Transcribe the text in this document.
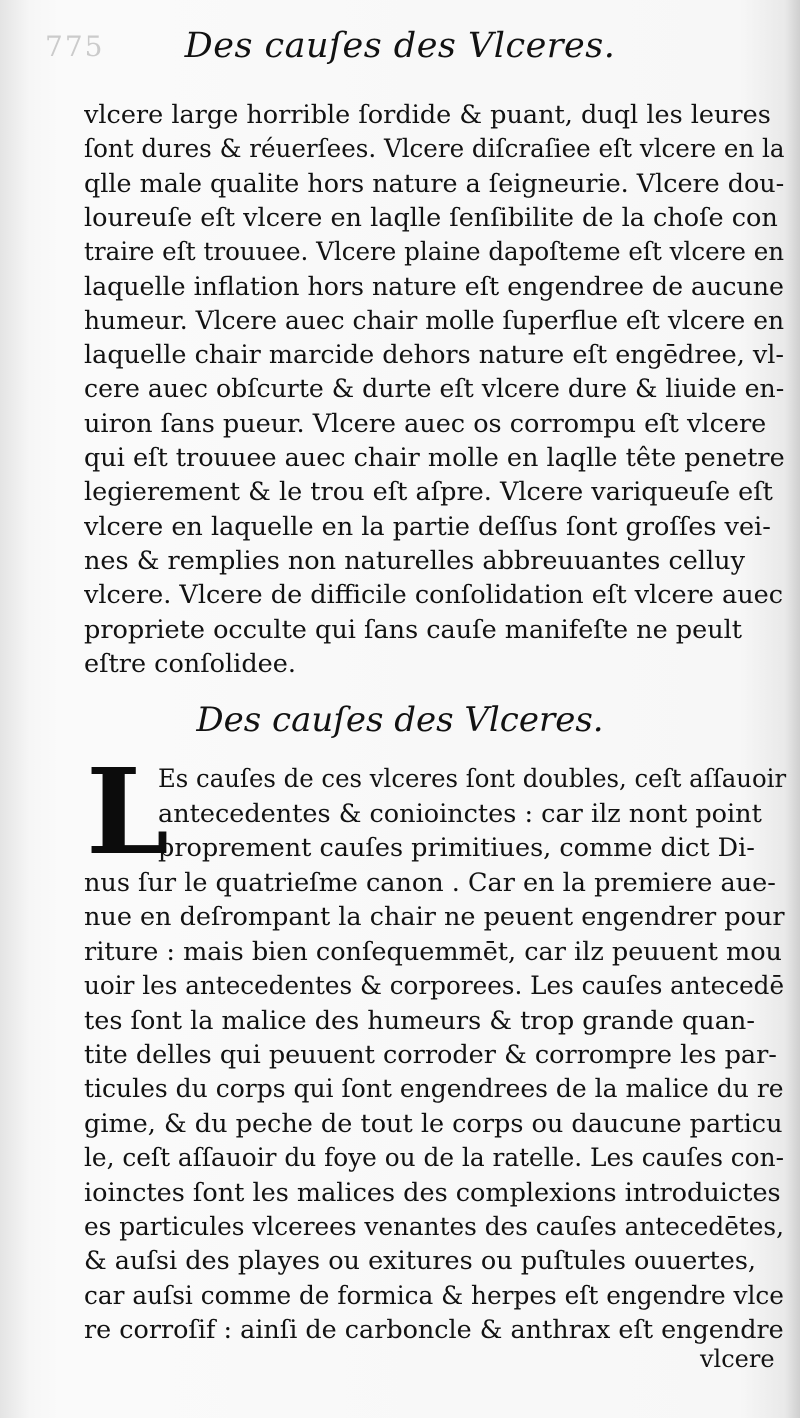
775	Des cauſes des Vlceres.
vlcere large horrible ſordide & puant, duql les leures
ſont dures & réuerſees. Vlcere diſcraſiee eſt vlcere en la
qlle male qualite hors nature a ſeigneurie. Vlcere dou-
loureuſe eſt vlcere en laqlle ſenſibilite de la choſe con
traire eſt trouuee. Vlcere plaine dapoſteme eſt vlcere en
laquelle inflation hors nature eſt engendree de aucune
humeur. Vlcere auec chair molle ſuperflue eſt vlcere en
laquelle chair marcide dehors nature eſt engēdree, vl-
cere auec obſcurte & durte eſt vlcere dure & liuide en-
uiron ſans pueur. Vlcere auec os corrompu eſt vlcere
qui eſt trouuee auec chair molle en laqlle tête penetre
legierement & le trou eſt aſpre. Vlcere variqueuſe eſt
vlcere en laquelle en la partie deſſus ſont groſſes vei-
nes & remplies non naturelles abbreuuantes celluy
vlcere. Vlcere de difficile conſolidation eſt vlcere auec
propriete occulte qui ſans cauſe manifeſte ne peult
eſtre conſolidee.
Es cauſes de ces vlceres ſont doubles, ceſt aſſauoir
antecedentes & conioinctes : car ilz nont point
proprement cauſes primitiues, comme dict Di-
nus ſur le quatrieſme canon . Car en la premiere aue-
nue en deſrompant la chair ne peuent engendrer pour
riture : mais bien conſequemmēt, car ilz peuuent mou
uoir les antecedentes & corporees. Les cauſes antecedē
tes ſont la malice des humeurs & trop grande quan-
tite delles qui peuuent corroder & corrompre les par-
ticules du corps qui ſont engendrees de la malice du re
gime, & du peche de tout le corps ou daucune particu
le, ceſt aſſauoir du foye ou de la ratelle. Les cauſes con-
ioinctes ſont les malices des complexions introduictes
es particules vlcerees venantes des cauſes antecedētes,
& auſsi des playes ou exitures ou puſtules ouuertes,
car auſsi comme de formica & herpes eſt engendre vlce
re corroſif : ainſi de carboncle & anthrax eſt engendre
Des cauſes des Vlceres.
L
vlcere
